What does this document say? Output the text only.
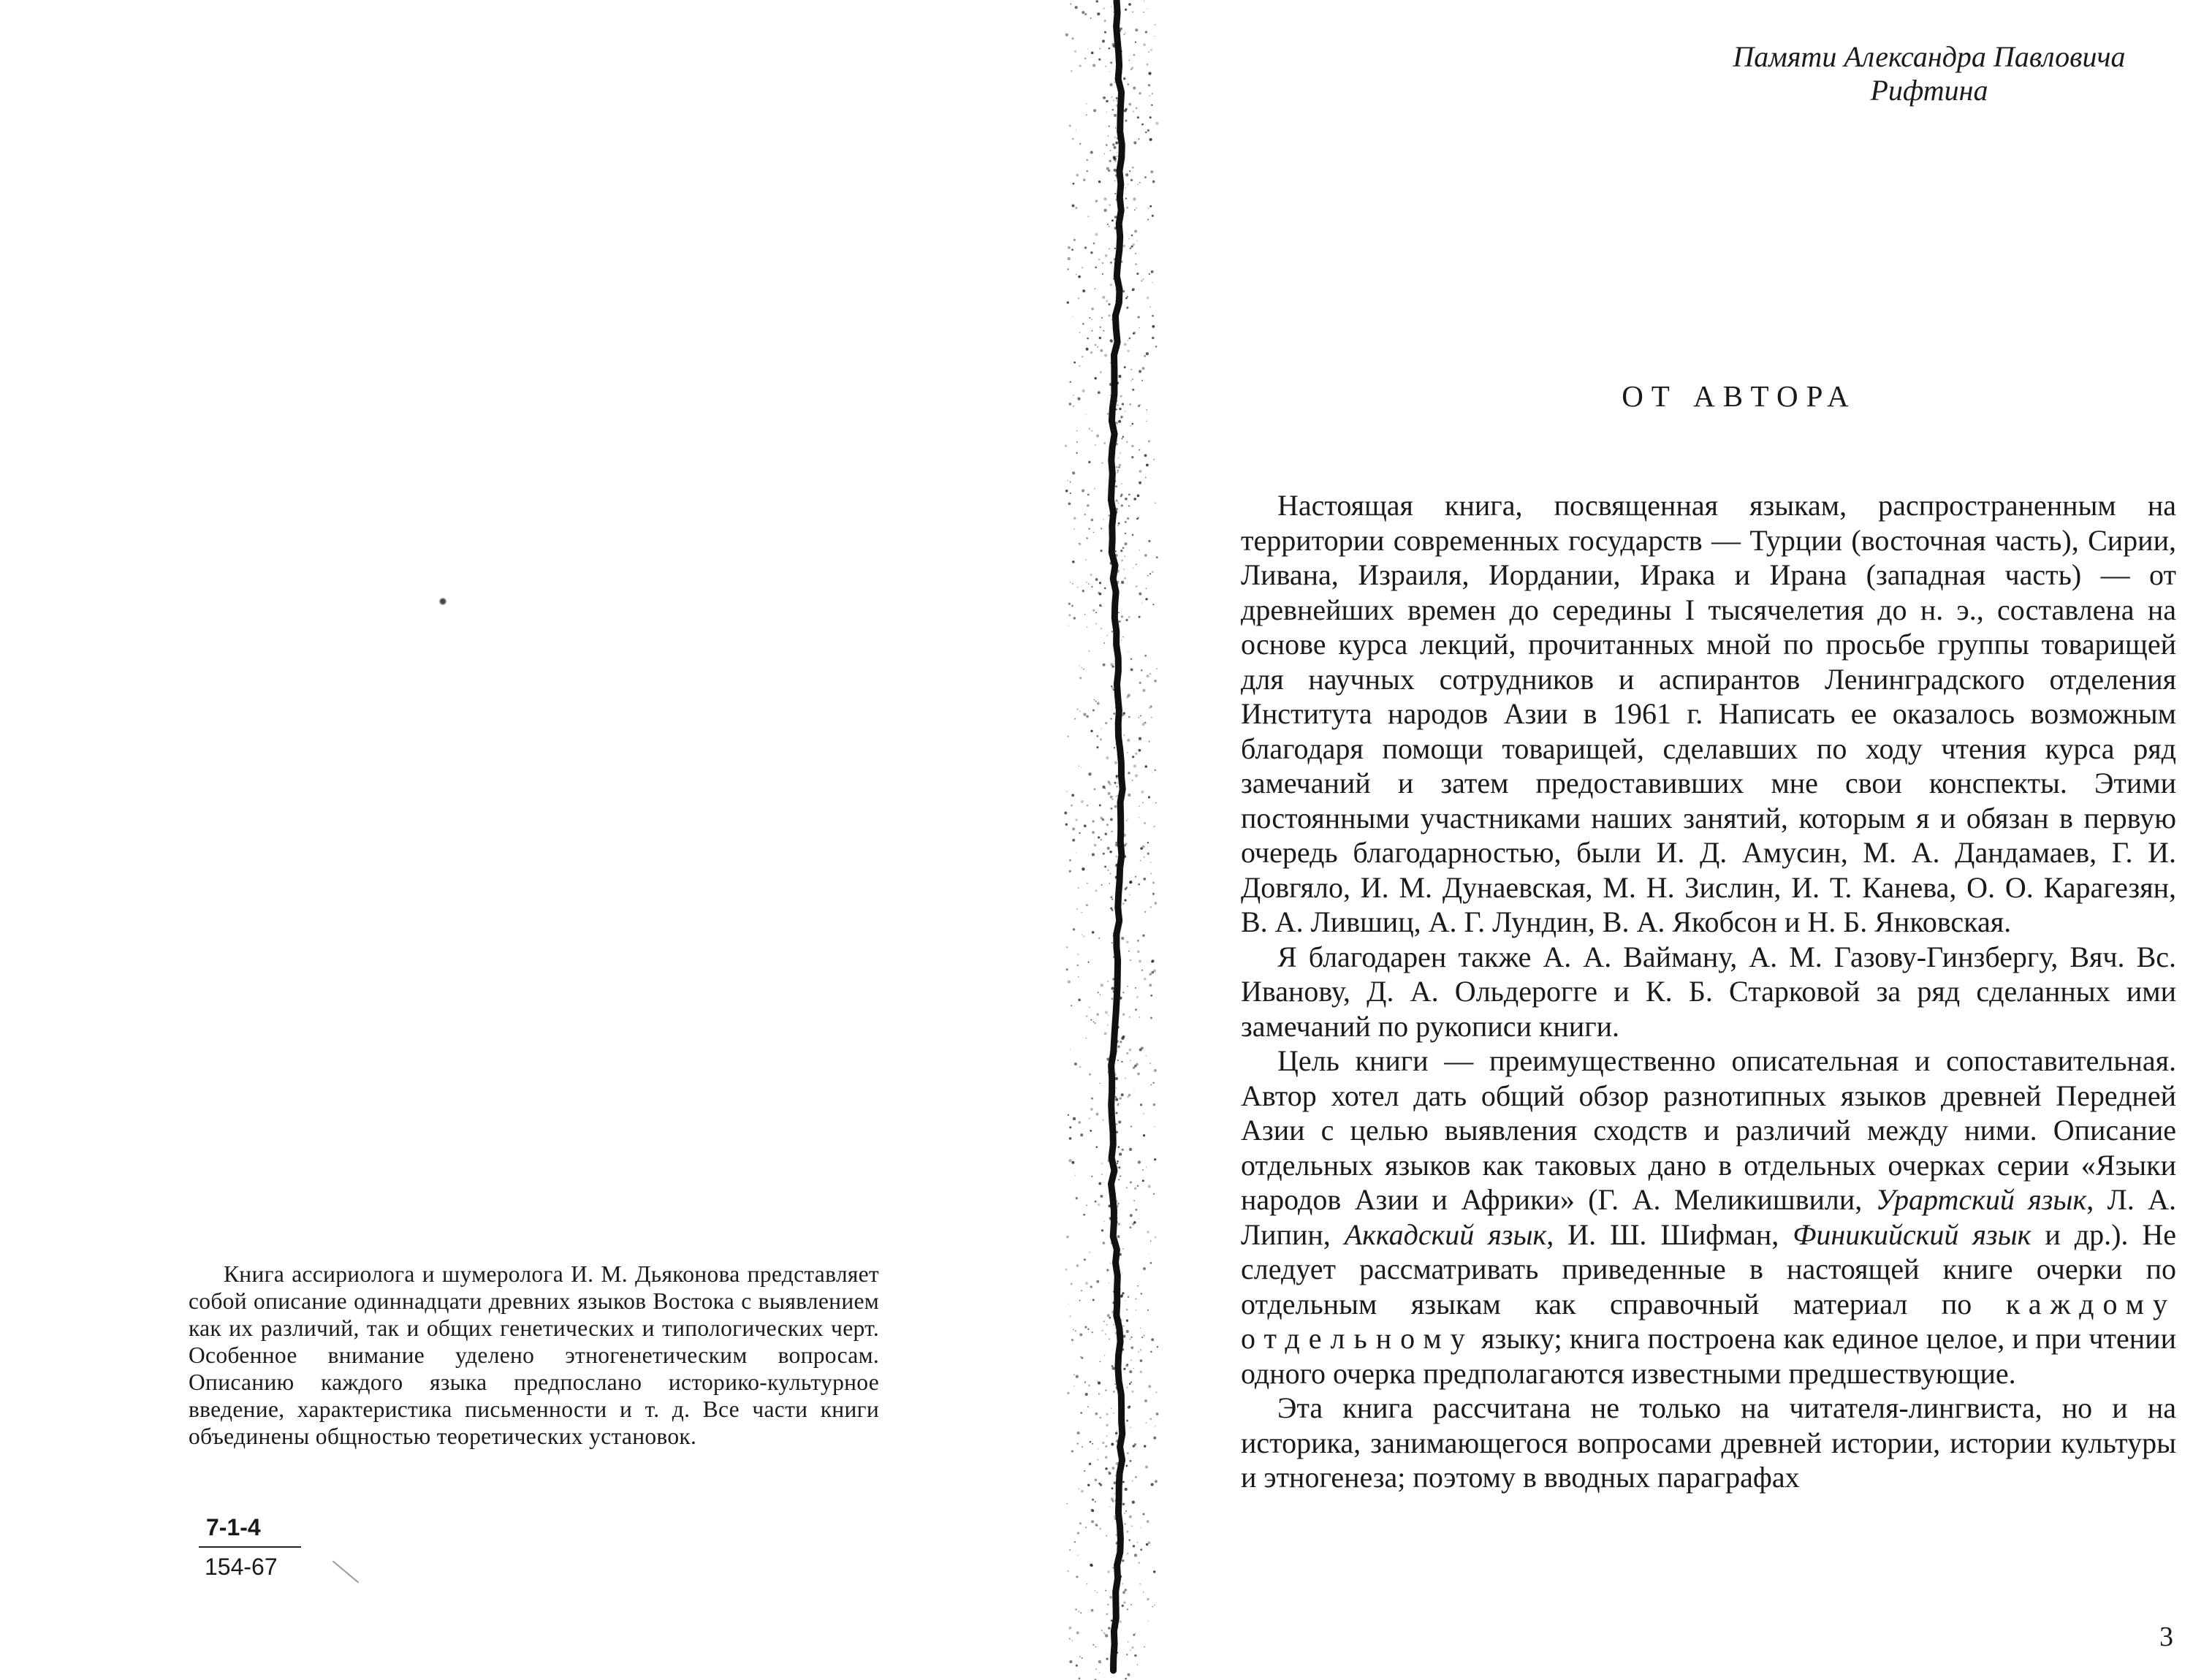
Книга ассириолога и шумеролога И. М. Дьяконова представляет собой описание одиннадцати древних языков Востока с выявлением как их различий, так и общих генетических и типологических черт. Особенное внимание уделено этногенетическим вопросам. Описанию каждого языка предпослано историко-культурное введение, характеристика письменности и т. д. Все части книги объединены общностью теоретических установок.

7-1-4
154-67

Памяти Александра Павловича
Рифтина

ОТ АВТОРА

Настоящая книга, посвященная языкам, распространенным на территории современных государств — Турции (восточная часть), Сирии, Ливана, Израиля, Иордании, Ирака и Ирана (западная часть) — от древнейших времен до середины I тысячелетия до н. э., составлена на основе курса лекций, прочитанных мной по просьбе группы товарищей для научных сотрудников и аспирантов Ленинградского отделения Института народов Азии в 1961 г. Написать ее оказалось возможным благодаря помощи товарищей, сделавших по ходу чтения курса ряд замечаний и затем предоставивших мне свои конспекты. Этими постоянными участниками наших занятий, которым я и обязан в первую очередь благодарностью, были И. Д. Амусин, М. А. Дандамаев, Г. И. Довгяло, И. М. Дунаевская, М. Н. Зислин, И. Т. Канева, О. О. Карагезян, В. А. Лившиц, А. Г. Лундин, В. А. Якобсон и Н. Б. Янковская.

Я благодарен также А. А. Вайману, А. М. Газову-Гинзбергу, Вяч. Вс. Иванову, Д. А. Ольдерогге и К. Б. Старковой за ряд сделанных ими замечаний по рукописи книги.

Цель книги — преимущественно описательная и сопоставительная. Автор хотел дать общий обзор разнотипных языков древней Передней Азии с целью выявления сходств и различий между ними. Описание отдельных языков как таковых дано в отдельных очерках серии «Языки народов Азии и Африки» (Г. А. Меликишвили, Урартский язык, Л. А. Липин, Аккадский язык, И. Ш. Шифман, Финикийский язык и др.). Не следует рассматривать приведенные в настоящей книге очерки по отдельным языкам как справочный материал по каждому отдельному языку; книга построена как единое целое, и при чтении одного очерка предполагаются известными предшествующие.

Эта книга рассчитана не только на читателя-лингвиста, но и на историка, занимающегося вопросами древней истории, истории культуры и этногенеза; поэтому в вводных параграфах

3
